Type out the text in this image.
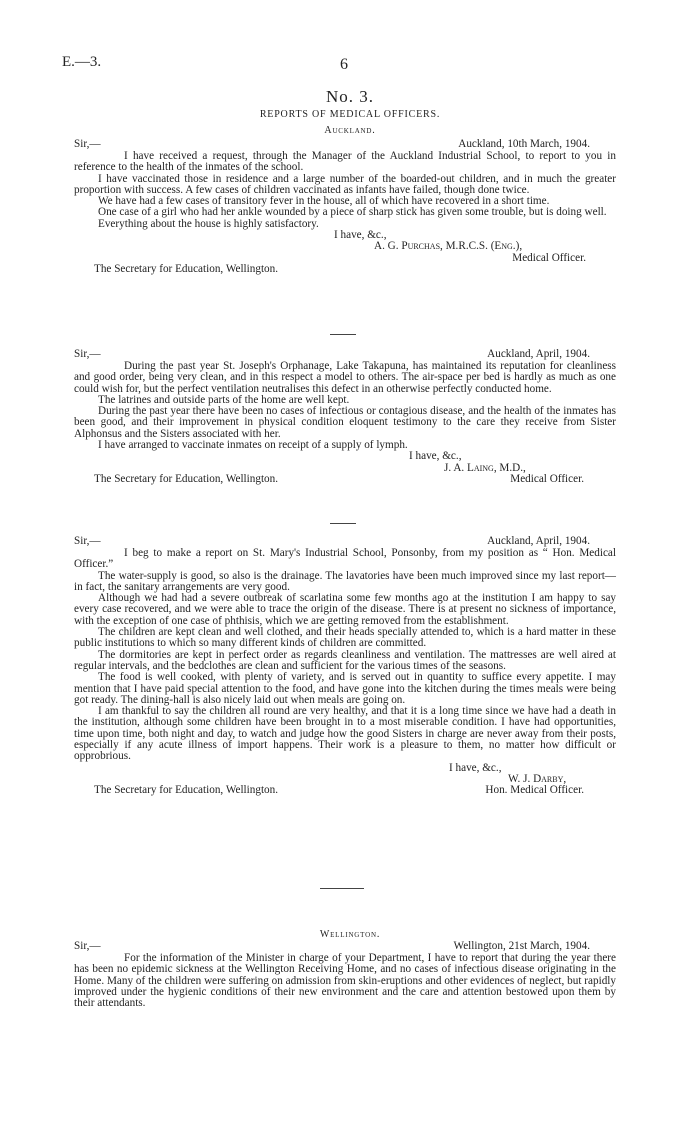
E.—3.	6
No. 3.
REPORTS OF MEDICAL OFFICERS.
Auckland.
Sir,—	Auckland, 10th March, 1904.

I have received a request, through the Manager of the Auckland Industrial School, to report to you in reference to the health of the inmates of the school.

I have vaccinated those in residence and a large number of the boarded-out children, and in much the greater proportion with success. A few cases of children vaccinated as infants have failed, though done twice.

We have had a few cases of transitory fever in the house, all of which have recovered in a short time.

One case of a girl who had her ankle wounded by a piece of sharp stick has given some trouble, but is doing well.

Everything about the house is highly satisfactory.

I have, &c.,

A. G. Purchas, M.R.C.S. (Eng.),

Medical Officer.

The Secretary for Education, Wellington.
Sir,—	Auckland, April, 1904.

During the past year St. Joseph's Orphanage, Lake Takapuna, has maintained its reputation for cleanliness and good order, being very clean, and in this respect a model to others. The air-space per bed is hardly as much as one could wish for, but the perfect ventilation neutralises this defect in an otherwise perfectly conducted home.

The latrines and outside parts of the home are well kept.

During the past year there have been no cases of infectious or contagious disease, and the health of the inmates has been good, and their improvement in physical condition eloquent testimony to the care they receive from Sister Alphonsus and the Sisters associated with her.

I have arranged to vaccinate inmates on receipt of a supply of lymph.

I have, &c.,

J. A. Laing, M.D.,

The Secretary for Education, Wellington.	Medical Officer.
Sir,—	Auckland, April, 1904.

I beg to make a report on St. Mary's Industrial School, Ponsonby, from my position as “ Hon. Medical Officer.”

The water-supply is good, so also is the drainage. The lavatories have been much improved since my last report—in fact, the sanitary arrangements are very good.

Although we had had a severe outbreak of scarlatina some few months ago at the institution I am happy to say every case recovered, and we were able to trace the origin of the disease. There is at present no sickness of importance, with the exception of one case of phthisis, which we are getting removed from the establishment.

The children are kept clean and well clothed, and their heads specially attended to, which is a hard matter in these public institutions to which so many different kinds of children are committed.

The dormitories are kept in perfect order as regards cleanliness and ventilation. The mattresses are well aired at regular intervals, and the bedclothes are clean and sufficient for the various times of the seasons.

The food is well cooked, with plenty of variety, and is served out in quantity to suffice every appetite. I may mention that I have paid special attention to the food, and have gone into the kitchen during the times meals were being got ready. The dining-hall is also nicely laid out when meals are going on.

I am thankful to say the children all round are very healthy, and that it is a long time since we have had a death in the institution, although some children have been brought in to a most miserable condition. I have had opportunities, time upon time, both night and day, to watch and judge how the good Sisters in charge are never away from their posts, especially if any acute illness of import happens. Their work is a pleasure to them, no matter how difficult or opprobrious.

I have, &c.,

W. J. Darby,

The Secretary for Education, Wellington.	Hon. Medical Officer.
Wellington.
Sir,—	Wellington, 21st March, 1904.

For the information of the Minister in charge of your Department, I have to report that during the year there has been no epidemic sickness at the Wellington Receiving Home, and no cases of infectious disease originating in the Home. Many of the children were suffering on admission from skin-eruptions and other evidences of neglect, but rapidly improved under the hygienic conditions of their new environment and the care and attention bestowed upon them by their attendants.
